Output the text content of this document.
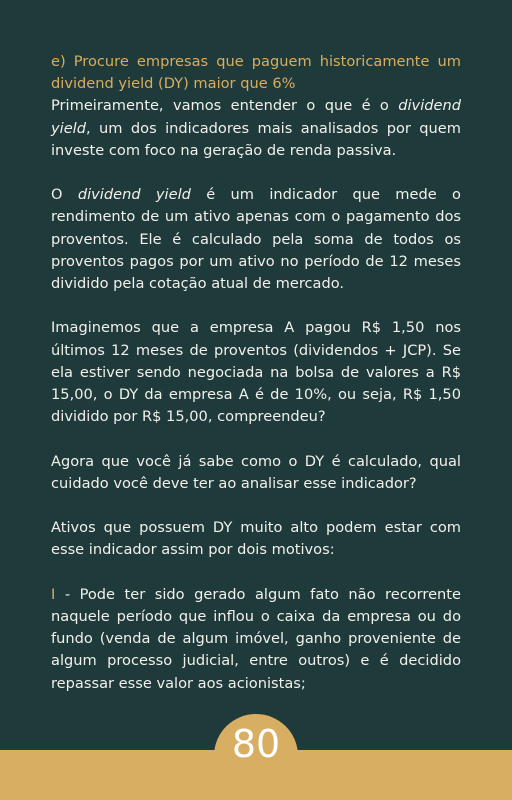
e) Procure empresas que paguem historicamente um dividend yield (DY) maior que 6%

Primeiramente, vamos entender o que é o dividend yield, um dos indicadores mais analisados por quem investe com foco na geração de renda passiva.

O dividend yield é um indicador que mede o rendimento de um ativo apenas com o pagamento dos proventos. Ele é calculado pela soma de todos os proventos pagos por um ativo no período de 12 meses dividido pela cotação atual de mercado.

Imaginemos que a empresa A pagou R$ 1,50 nos últimos 12 meses de proventos (dividendos + JCP). Se ela estiver sendo negociada na bolsa de valores a R$ 15,00, o DY da empresa A é de 10%, ou seja, R$ 1,50 dividido por R$ 15,00, compreendeu?

Agora que você já sabe como o DY é calculado, qual cuidado você deve ter ao analisar esse indicador?

Ativos que possuem DY muito alto podem estar com esse indicador assim por dois motivos:

I - Pode ter sido gerado algum fato não recorrente naquele período que inflou o caixa da empresa ou do fundo (venda de algum imóvel, ganho proveniente de algum processo judicial, entre outros) e é decidido repassar esse valor aos acionistas;

80
